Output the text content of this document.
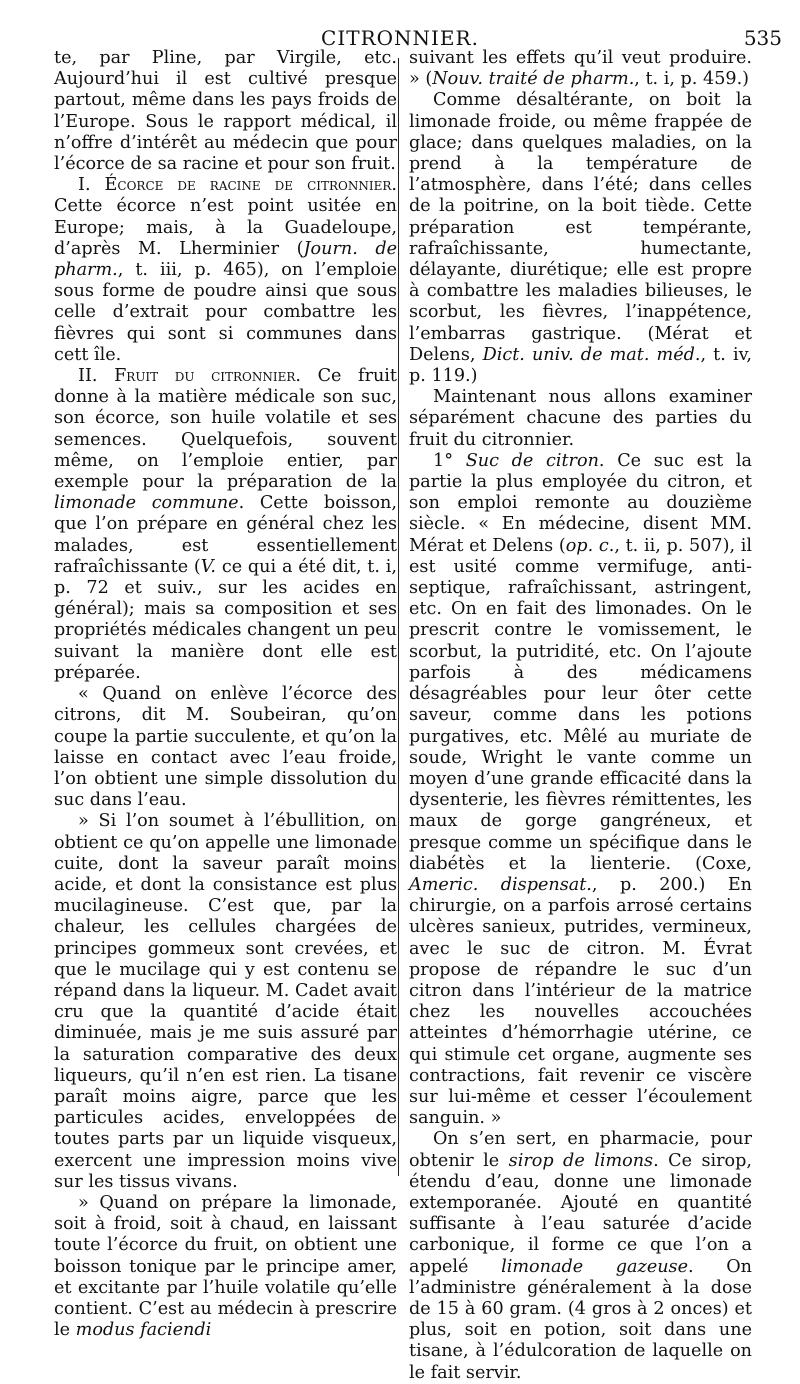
CITRONNIER.	535

te, par Pline, par Virgile, etc. Aujourd’hui il est cultivé presque partout, même dans les pays froids de l’Europe. Sous le rapport médical, il n’offre d’intérêt au médecin que pour l’écorce de sa racine et pour son fruit.

I. Écorce de racine de citronnier. Cette écorce n’est point usitée en Europe; mais, à la Guadeloupe, d’après M. Lherminier (Journ. de pharm., t. iii, p. 465), on l’emploie sous forme de poudre ainsi que sous celle d’extrait pour combattre les fièvres qui sont si communes dans cett île.

II. Fruit du citronnier. Ce fruit donne à la matière médicale son suc, son écorce, son huile volatile et ses semences. Quelquefois, souvent même, on l’emploie entier, par exemple pour la préparation de la limonade commune. Cette boisson, que l’on prépare en général chez les malades, est essentiellement rafraîchissante (V. ce qui a été dit, t. i, p. 72 et suiv., sur les acides en général); mais sa composition et ses propriétés médicales changent un peu suivant la manière dont elle est préparée.

« Quand on enlève l’écorce des citrons, dit M. Soubeiran, qu’on coupe la partie succulente, et qu’on la laisse en contact avec l’eau froide, l’on obtient une simple dissolution du suc dans l’eau.

» Si l’on soumet à l’ébullition, on obtient ce qu’on appelle une limonade cuite, dont la saveur paraît moins acide, et dont la consistance est plus mucilagineuse. C’est que, par la chaleur, les cellules chargées de principes gommeux sont crevées, et que le mucilage qui y est contenu se répand dans la liqueur. M. Cadet avait cru que la quantité d’acide était diminuée, mais je me suis assuré par la saturation comparative des deux liqueurs, qu’il n’en est rien. La tisane paraît moins aigre, parce que les particules acides, enveloppées de toutes parts par un liquide visqueux, exercent une impression moins vive sur les tissus vivans.

» Quand on prépare la limonade, soit à froid, soit à chaud, en laissant toute l’écorce du fruit, on obtient une boisson tonique par le principe amer, et excitante par l’huile volatile qu’elle contient. C’est au médecin à prescrire le modus faciendi

suivant les effets qu’il veut produire. » (Nouv. traité de pharm., t. i, p. 459.)

Comme désaltérante, on boit la limonade froide, ou même frappée de glace; dans quelques maladies, on la prend à la température de l’atmosphère, dans l’été; dans celles de la poitrine, on la boit tiède. Cette préparation est tempérante, rafraîchissante, humectante, délayante, diurétique; elle est propre à combattre les maladies bilieuses, le scorbut, les fièvres, l’inappétence, l’embarras gastrique. (Mérat et Delens, Dict. univ. de mat. méd., t. iv, p. 119.)

Maintenant nous allons examiner séparément chacune des parties du fruit du citronnier.

1° Suc de citron. Ce suc est la partie la plus employée du citron, et son emploi remonte au douzième siècle. « En médecine, disent MM. Mérat et Delens (op. c., t. ii, p. 507), il est usité comme vermifuge, anti-septique, rafraîchissant, astringent, etc. On en fait des limonades. On le prescrit contre le vomissement, le scorbut, la putridité, etc. On l’ajoute parfois à des médicamens désagréables pour leur ôter cette saveur, comme dans les potions purgatives, etc. Mêlé au muriate de soude, Wright le vante comme un moyen d’une grande efficacité dans la dysenterie, les fièvres rémittentes, les maux de gorge gangréneux, et presque comme un spécifique dans le diabétès et la lienterie. (Coxe, Americ. dispensat., p. 200.) En chirurgie, on a parfois arrosé certains ulcères sanieux, putrides, vermineux, avec le suc de citron. M. Évrat propose de répandre le suc d’un citron dans l’intérieur de la matrice chez les nouvelles accouchées atteintes d’hémorrhagie utérine, ce qui stimule cet organe, augmente ses contractions, fait revenir ce viscère sur lui-même et cesser l’écoulement sanguin. »

On s’en sert, en pharmacie, pour obtenir le sirop de limons. Ce sirop, étendu d’eau, donne une limonade extemporanée. Ajouté en quantité suffisante à l’eau saturée d’acide carbonique, il forme ce que l’on a appelé limonade gazeuse. On l’administre généralement à la dose de 15 à 60 gram. (4 gros à 2 onces) et plus, soit en potion, soit dans une tisane, à l’édulcoration de laquelle on le fait servir.
